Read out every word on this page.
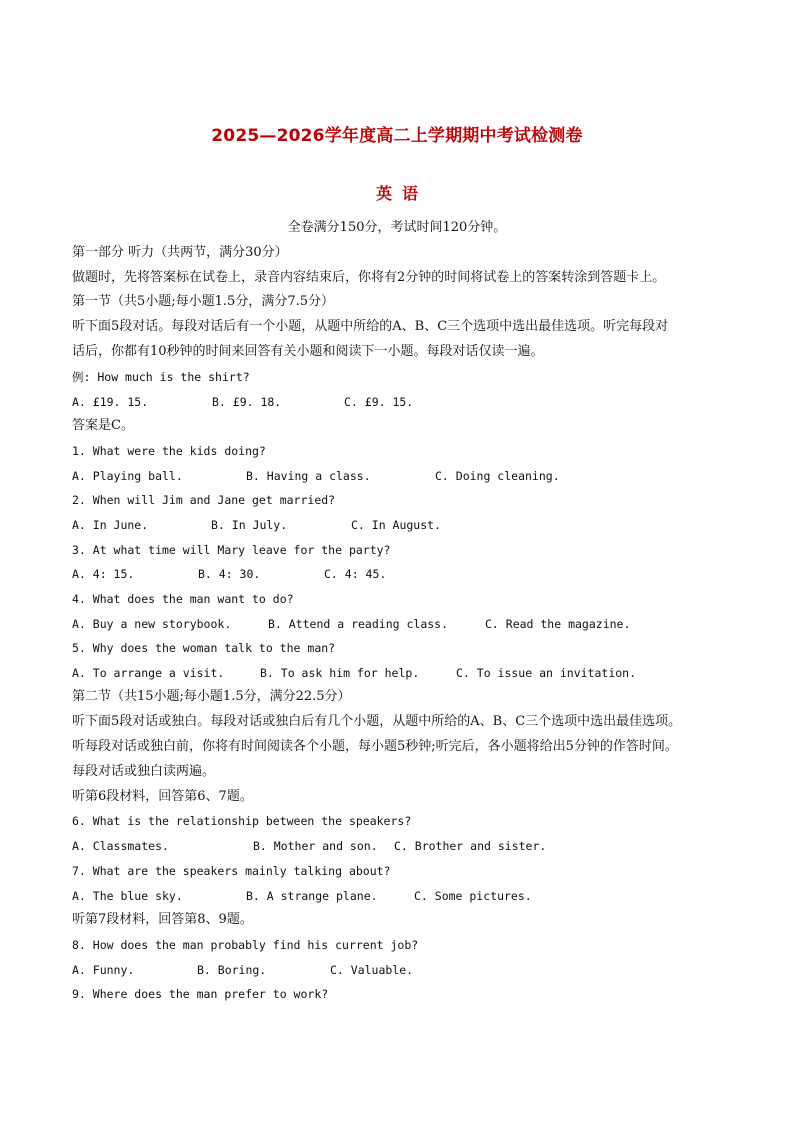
2025—2026学年度高二上学期期中考试检测卷
英语
全卷满分150分，考试时间120分钟。
第一部分 听力（共两节，满分30分）
做题时，先将答案标在试卷上，录音内容结束后，你将有2分钟的时间将试卷上的答案转涂到答题卡上。
第一节（共5小题;每小题1.5分，满分7.5分）
听下面5段对话。每段对话后有一个小题，从题中所给的A、B、C三个选项中选出最佳选项。听完每段对
话后，你都有10秒钟的时间来回答有关小题和阅读下一小题。每段对话仅读一遍。
例: How much is the shirt?
A. £19. 15.	B. £9. 18.	C. £9. 15.
答案是C。
1. What were the kids doing?
A. Playing ball.	B. Having a class.	C. Doing cleaning.
2. When will Jim and Jane get married?
A. In June.	B. In July.	C. In August.
3. At what time will Mary leave for the party?
A. 4: 15.	B. 4: 30.	C. 4: 45.
4. What does the man want to do?
A. Buy a new storybook.	B. Attend a reading class.	C. Read the magazine.
5. Why does the woman talk to the man?
A. To arrange a visit.	B. To ask him for help.	C. To issue an invitation.
第二节（共15小题;每小题1.5分，满分22.5分）
听下面5段对话或独白。每段对话或独白后有几个小题，从题中所给的A、B、C三个选项中选出最佳选项。
听每段对话或独白前，你将有时间阅读各个小题，每小题5秒钟;听完后，各小题将给出5分钟的作答时间。
每段对话或独白读两遍。
听第6段材料，回答第6、7题。
6. What is the relationship between the speakers?
A. Classmates.	B. Mother and son. C. Brother and sister.
7. What are the speakers mainly talking about?
A. The blue sky.	B. A strange plane.	C. Some pictures.
听第7段材料，回答第8、9题。
8. How does the man probably find his current job?
A. Funny.	B. Boring.	C. Valuable.
9. Where does the man prefer to work?
